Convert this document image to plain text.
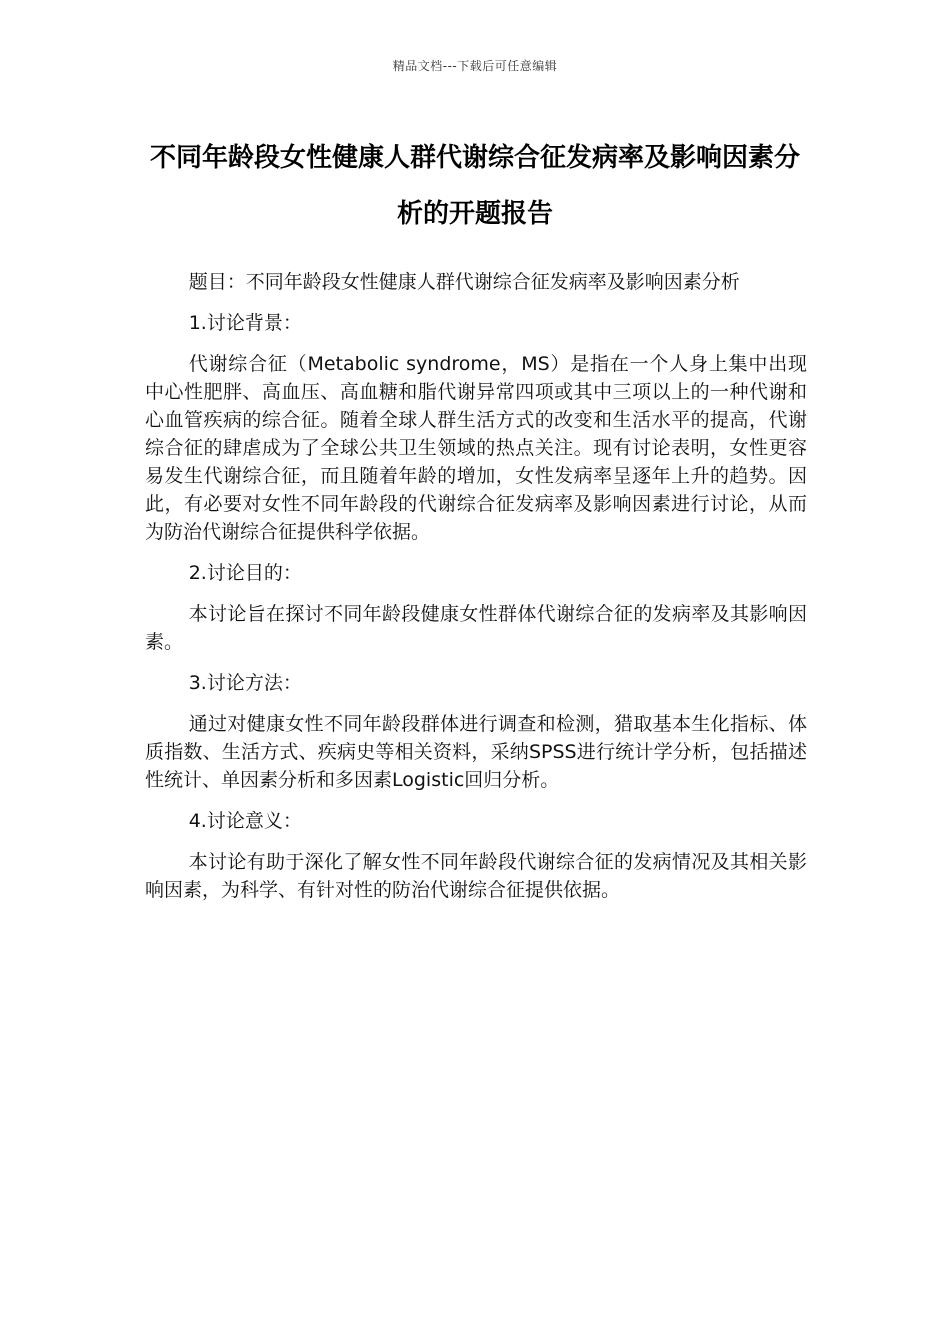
精品文档---下载后可任意编辑
不同年龄段女性健康人群代谢综合征发病率及影响因素分析的开题报告

题目：不同年龄段女性健康人群代谢综合征发病率及影响因素分析

1.讨论背景：

代谢综合征（Metabolic syndrome，MS）是指在一个人身上集中出现中心性肥胖、高血压、高血糖和脂代谢异常四项或其中三项以上的一种代谢和心血管疾病的综合征。随着全球人群生活方式的改变和生活水平的提高，代谢综合征的肆虐成为了全球公共卫生领域的热点关注。现有讨论表明，女性更容易发生代谢综合征，而且随着年龄的增加，女性发病率呈逐年上升的趋势。因此，有必要对女性不同年龄段的代谢综合征发病率及影响因素进行讨论，从而为防治代谢综合征提供科学依据。

2.讨论目的：

本讨论旨在探讨不同年龄段健康女性群体代谢综合征的发病率及其影响因素。

3.讨论方法：

通过对健康女性不同年龄段群体进行调查和检测，猎取基本生化指标、体质指数、生活方式、疾病史等相关资料，采纳SPSS进行统计学分析，包括描述性统计、单因素分析和多因素Logistic回归分析。

4.讨论意义：

本讨论有助于深化了解女性不同年龄段代谢综合征的发病情况及其相关影响因素，为科学、有针对性的防治代谢综合征提供依据。
